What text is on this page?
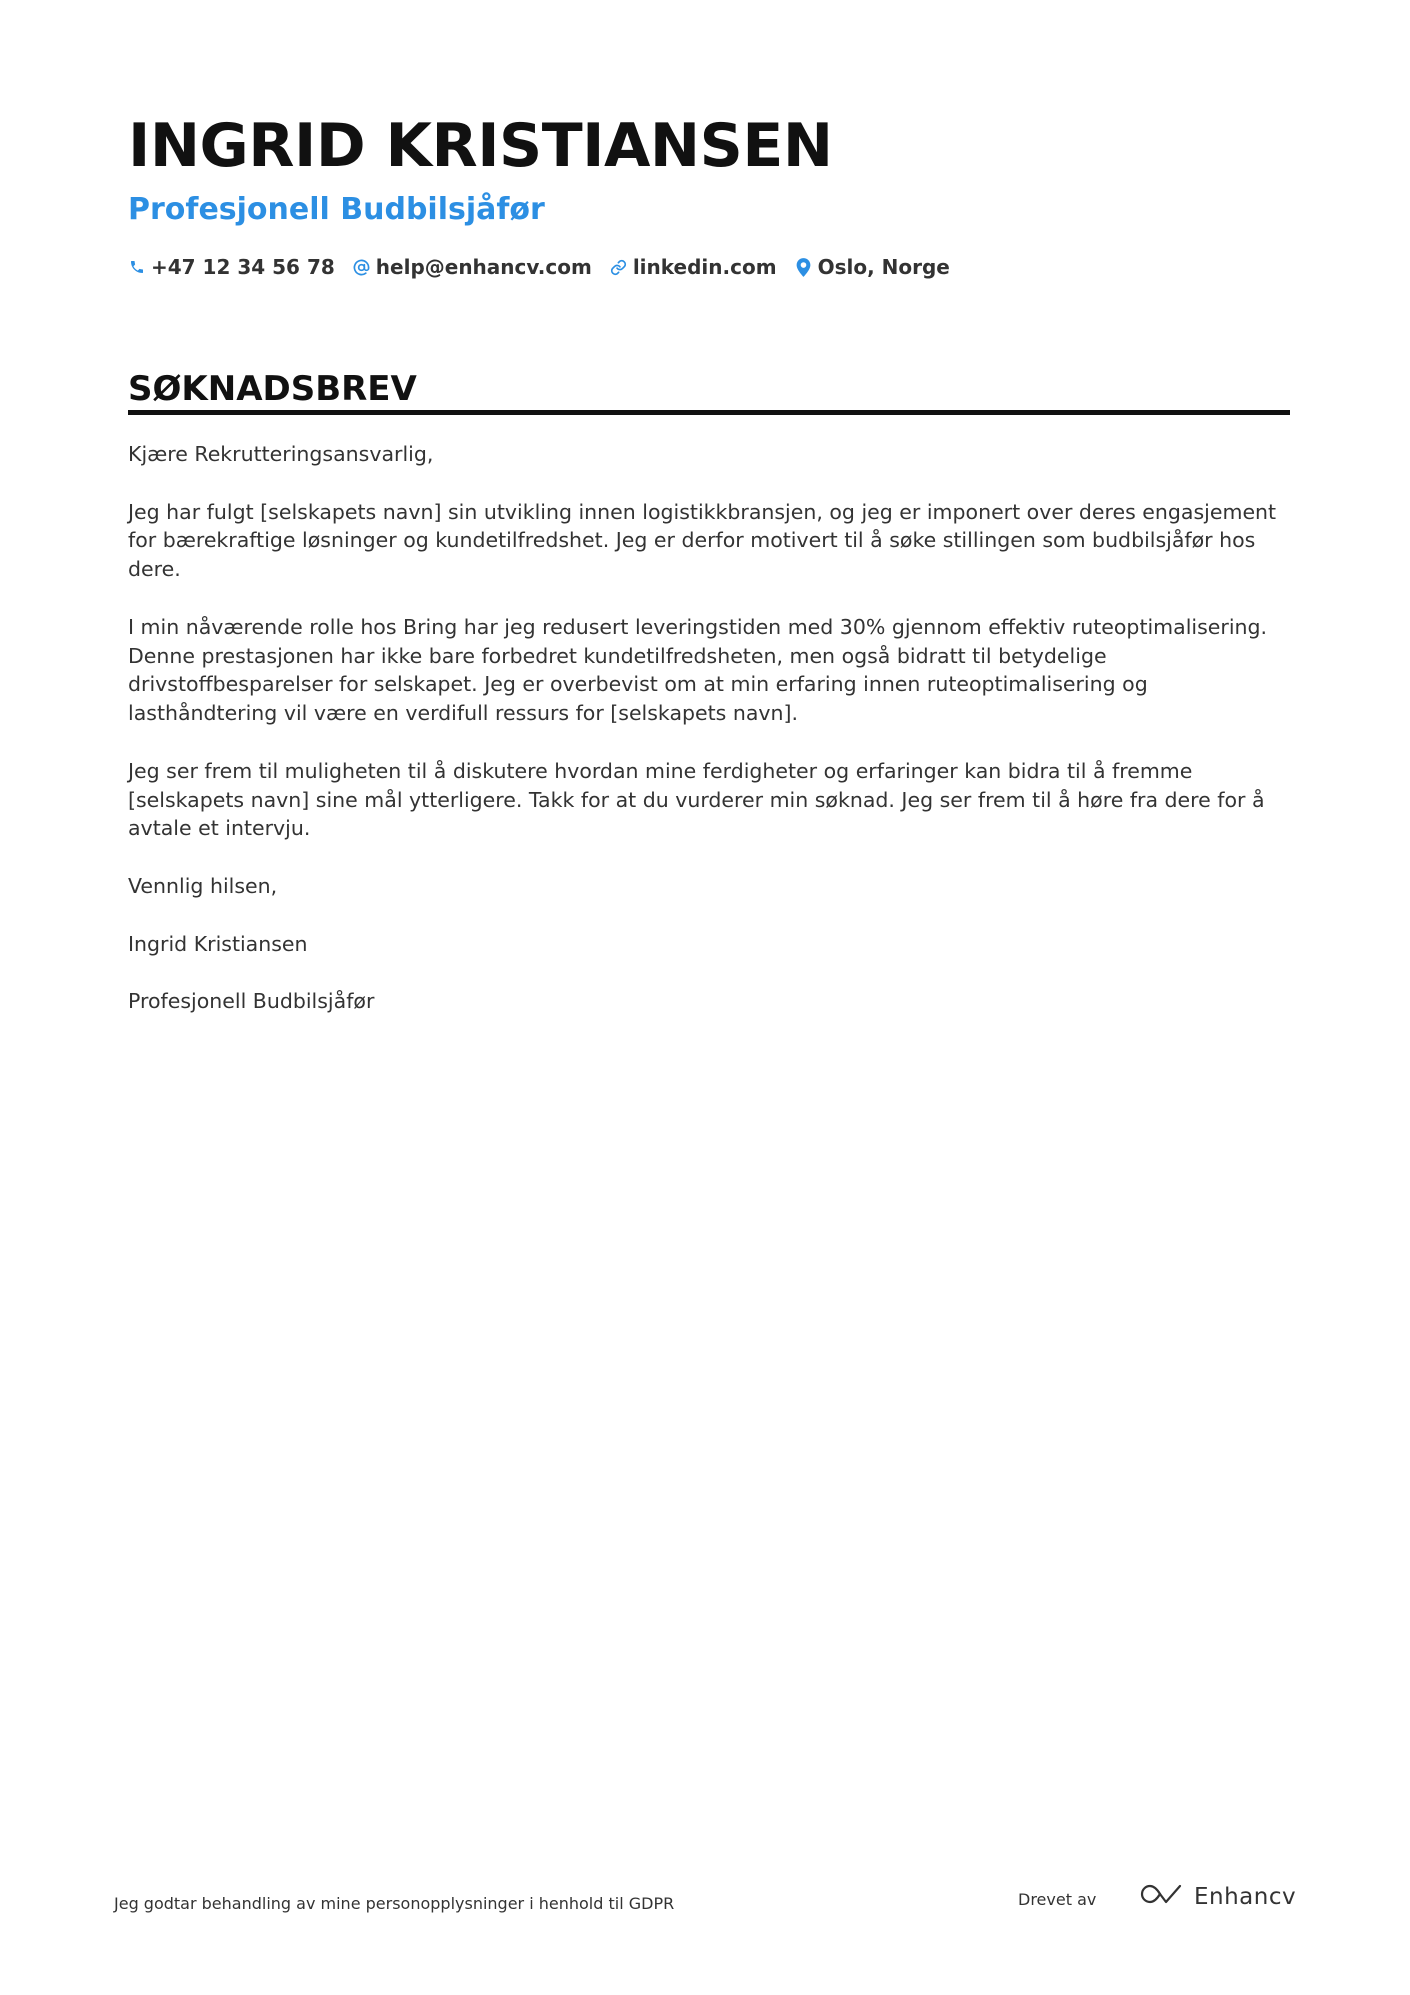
INGRID KRISTIANSEN
Profesjonell Budbilsjåfør
+47 12 34 56 78 help@enhancv.com linkedin.com Oslo, Norge
SØKNADSBREV

Kjære Rekrutteringsansvarlig,

Jeg har fulgt [selskapets navn] sin utvikling innen logistikkbransjen, og jeg er imponert over deres engasjement for bærekraftige løsninger og kundetilfredshet. Jeg er derfor motivert til å søke stillingen som budbilsjåfør hos dere.

I min nåværende rolle hos Bring har jeg redusert leveringstiden med 30% gjennom effektiv ruteoptimalisering. Denne prestasjonen har ikke bare forbedret kundetilfredsheten, men også bidratt til betydelige drivstoffbesparelser for selskapet. Jeg er overbevist om at min erfaring innen ruteoptimalisering og lasthåndtering vil være en verdifull ressurs for [selskapets navn].

Jeg ser frem til muligheten til å diskutere hvordan mine ferdigheter og erfaringer kan bidra til å fremme [selskapets navn] sine mål ytterligere. Takk for at du vurderer min søknad. Jeg ser frem til å høre fra dere for å avtale et intervju.

Vennlig hilsen,

Ingrid Kristiansen

Profesjonell Budbilsjåfør

Jeg godtar behandling av mine personopplysninger i henhold til GDPR	Drevet av	Enhancv
